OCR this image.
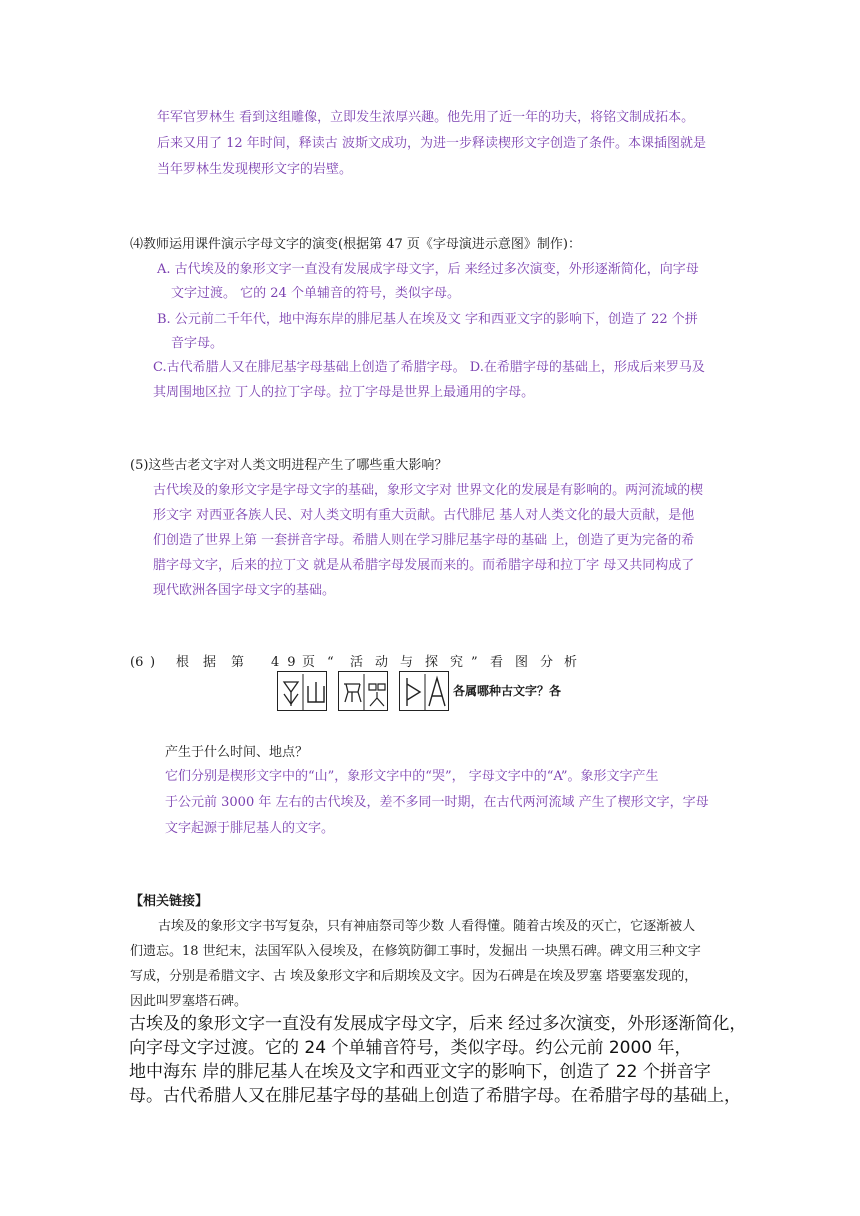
年军官罗林生 看到这组雕像，立即发生浓厚兴趣。他先用了近一年的功夫，将铭文制成拓本。
后来又用了 12 年时间，释读古 波斯文成功，为进一步释读楔形文字创造了条件。本课插图就是
当年罗林生发现楔形文字的岩壁。
⑷教师运用课件演示字母文字的演变(根据第 47 页《字母演进示意图》制作)：
A. 古代埃及的象形文字一直没有发展成字母文字，后 来经过多次演变，外形逐渐简化，向字母
文字过渡。 它的 24 个单辅音的符号，类似字母。
B. 公元前二千年代，地中海东岸的腓尼基人在埃及文 字和西亚文字的影响下，创造了 22 个拼
音字母。
C.古代希腊人又在腓尼基字母基础上创造了希腊字母。 D.在希腊字母的基础上，形成后来罗马及
其周围地区拉 丁人的拉丁字母。拉丁字母是世界上最通用的字母。
(5)这些古老文字对人类文明进程产生了哪些重大影响？
古代埃及的象形文字是字母文字的基础，象形文字对 世界文化的发展是有影响的。两河流域的楔
形文字 对西亚各族人民、对人类文明有重大贡献。古代腓尼 基人对人类文化的最大贡献，是他
们创造了世界上第 一套拼音字母。希腊人则在学习腓尼基字母的基础 上，创造了更为完备的希
腊字母文字，后来的拉丁文 就是从希腊字母发展而来的。而希腊字母和拉丁字 母又共同构成了
现代欧洲各国字母文字的基础。
(6 ) 根 据 第 49
页 “ 活 动 与 探 究 ” 看 图 分 析
各属哪种古文字？各
产生于什么时间、地点？
它们分别是楔形文字中的“山”，象形文字中的“哭”， 字母文字中的“A”。象形文字产生
于公元前 3000 年 左右的古代埃及，差不多同一时期，在古代两河流域 产生了楔形文字，字母
文字起源于腓尼基人的文字。
【相关链接】
古埃及的象形文字书写复杂，只有神庙祭司等少数 人看得懂。随着古埃及的灭亡，它逐渐被人
们遗忘。18 世纪末，法国军队入侵埃及，在修筑防御工事时，发掘出 一块黑石碑。碑文用三种文字
写成，分别是希腊文字、古 埃及象形文字和后期埃及文字。因为石碑是在埃及罗塞 塔要塞发现的，
因此叫罗塞塔石碑。
古埃及的象形文字一直没有发展成字母文字，后来 经过多次演变，外形逐渐简化，
向字母文字过渡。它的 24 个单辅音符号，类似字母。约公元前 2000 年，
地中海东 岸的腓尼基人在埃及文字和西亚文字的影响下，创造了 22 个拼音字
母。古代希腊人又在腓尼基字母的基础上创造了希腊字母。在希腊字母的基础上，
